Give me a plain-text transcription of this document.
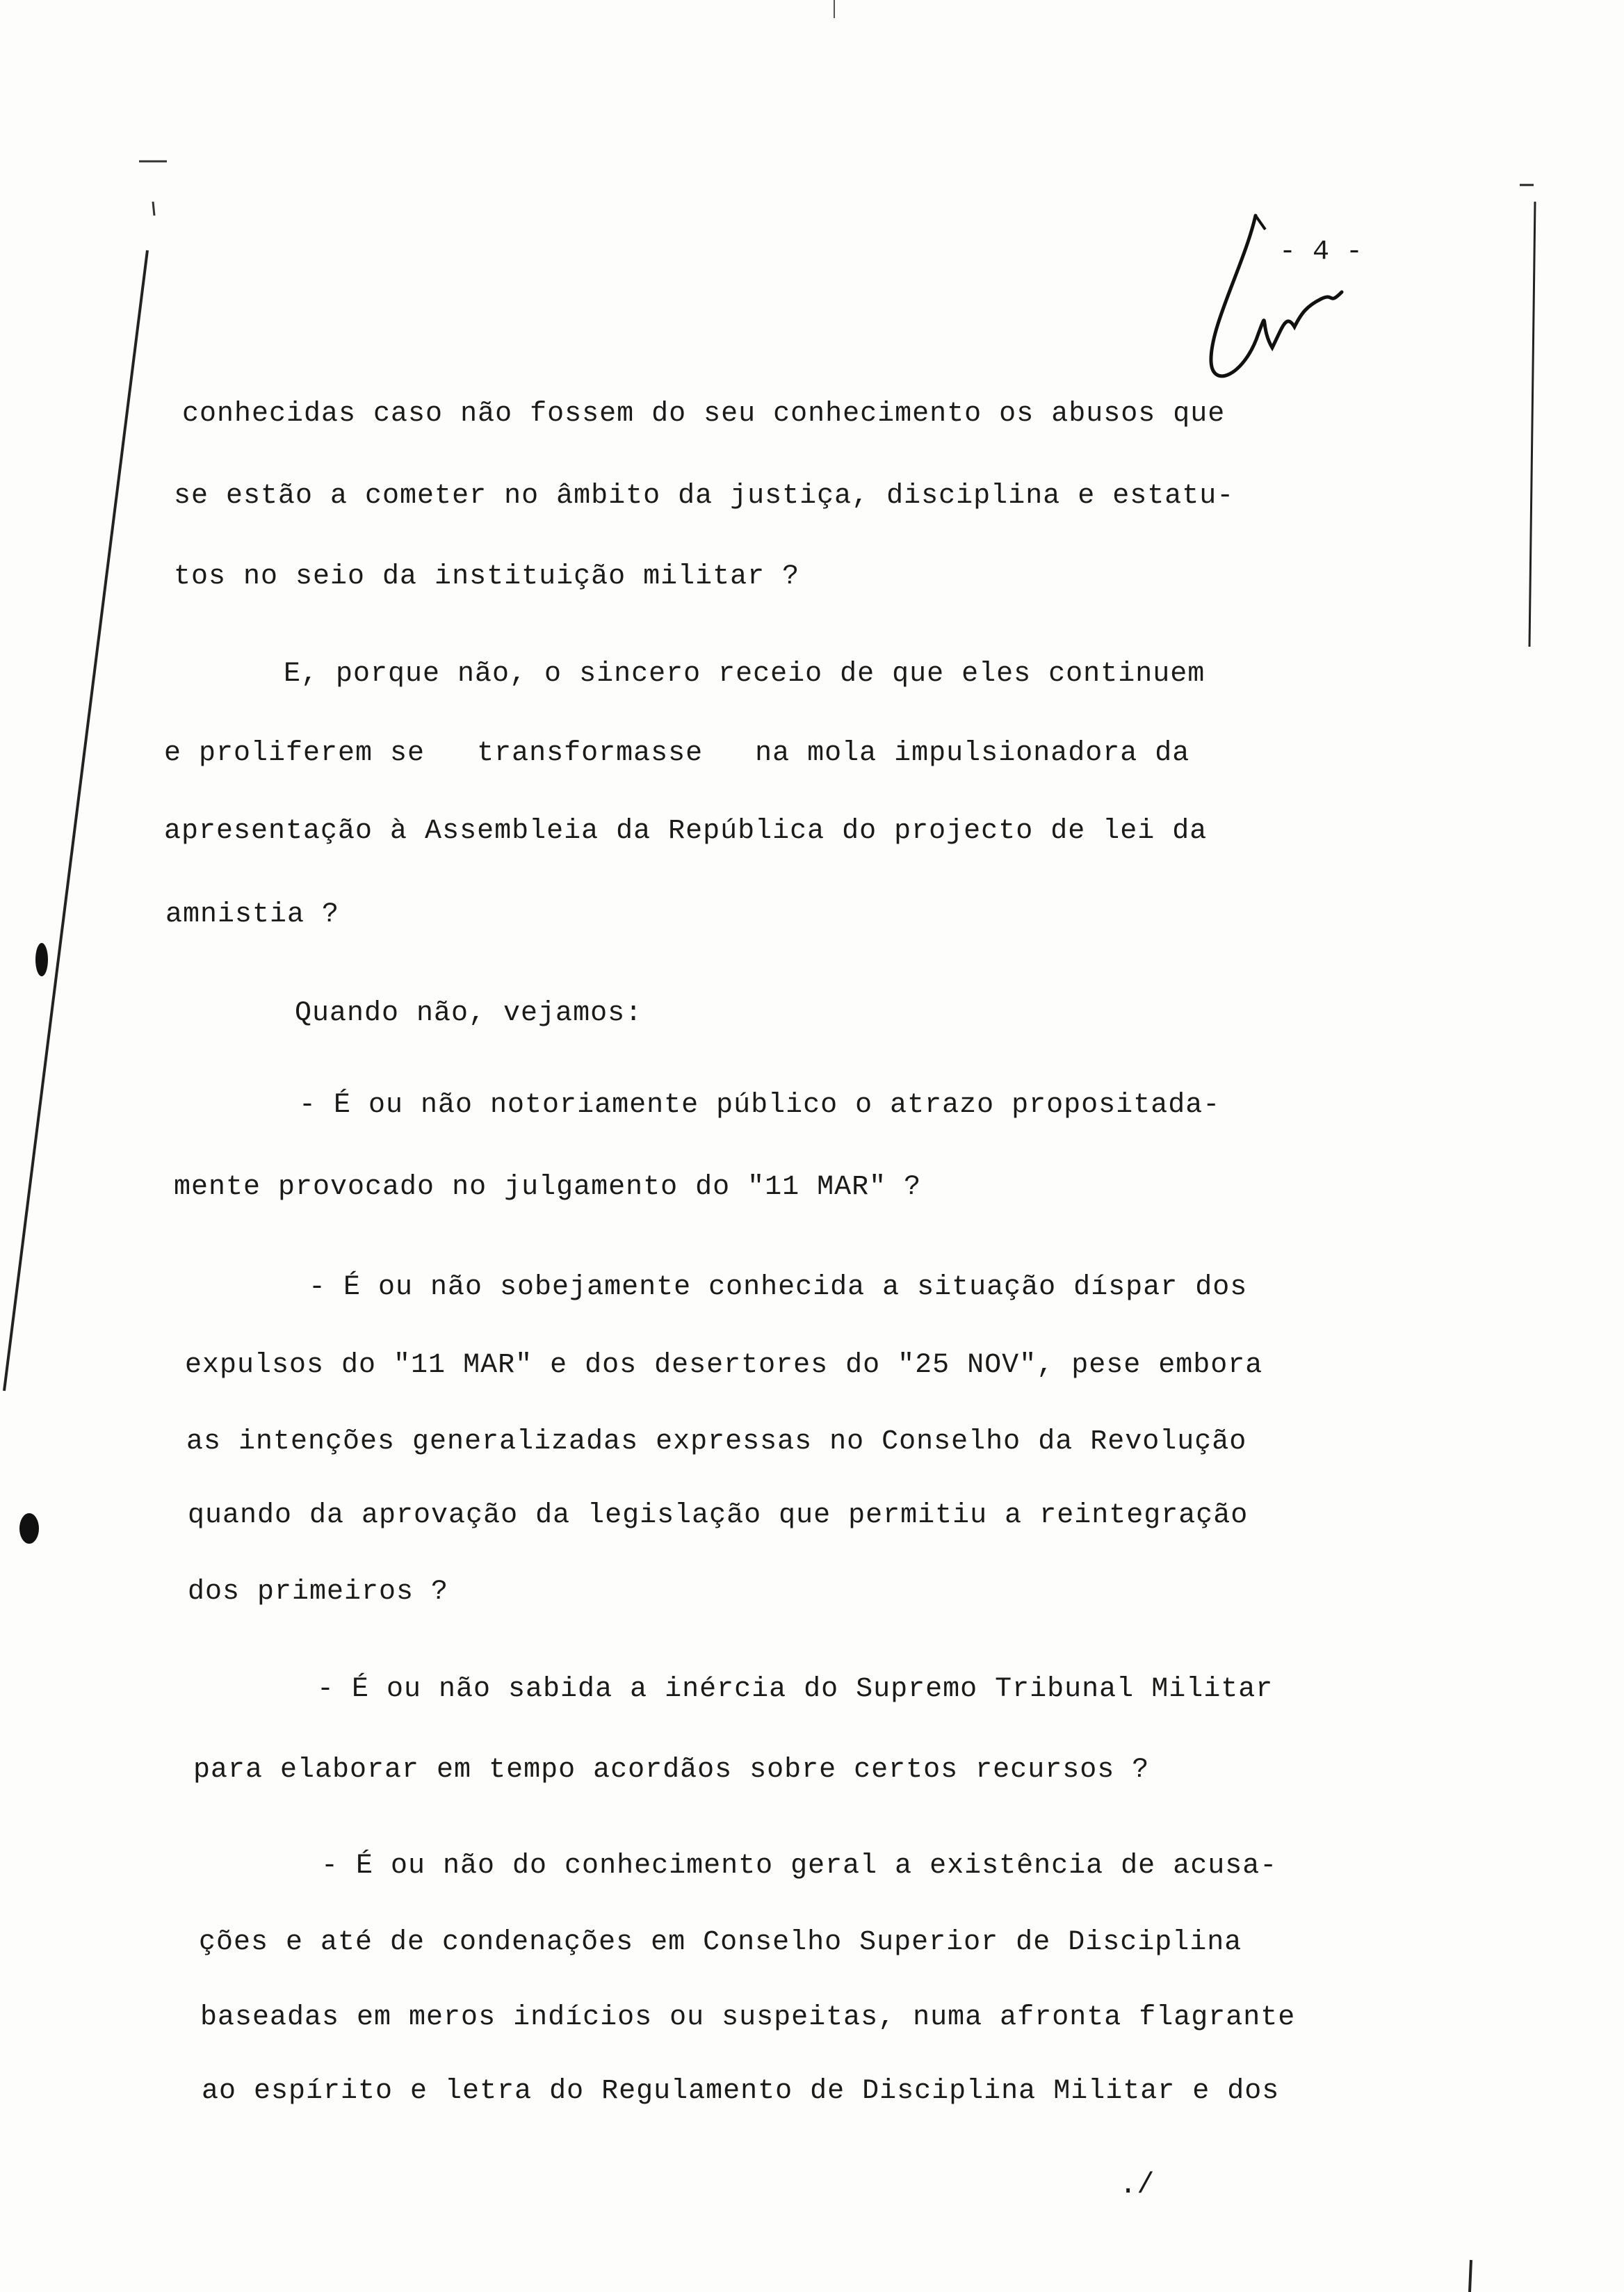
- 4 -
conhecidas caso não fossem do seu conhecimento os abusos que
se estão a cometer no âmbito da justiça, disciplina e estatu-
tos no seio da instituição militar ?
E, porque não, o sincero receio de que eles continuem
e proliferem se   transformasse   na mola impulsionadora da
apresentação à Assembleia da República do projecto de lei da
amnistia ?
Quando não, vejamos:
- É ou não notoriamente público o atrazo propositada-
mente provocado no julgamento do "11 MAR" ?
- É ou não sobejamente conhecida a situação díspar dos
expulsos do "11 MAR" e dos desertores do "25 NOV", pese embora
as intenções generalizadas expressas no Conselho da Revolução
quando da aprovação da legislação que permitiu a reintegração
dos primeiros ?
- É ou não sabida a inércia do Supremo Tribunal Militar
para elaborar em tempo acordãos sobre certos recursos ?
- É ou não do conhecimento geral a existência de acusa-
ções e até de condenações em Conselho Superior de Disciplina
baseadas em meros indícios ou suspeitas, numa afronta flagrante
ao espírito e letra do Regulamento de Disciplina Militar e dos
./
